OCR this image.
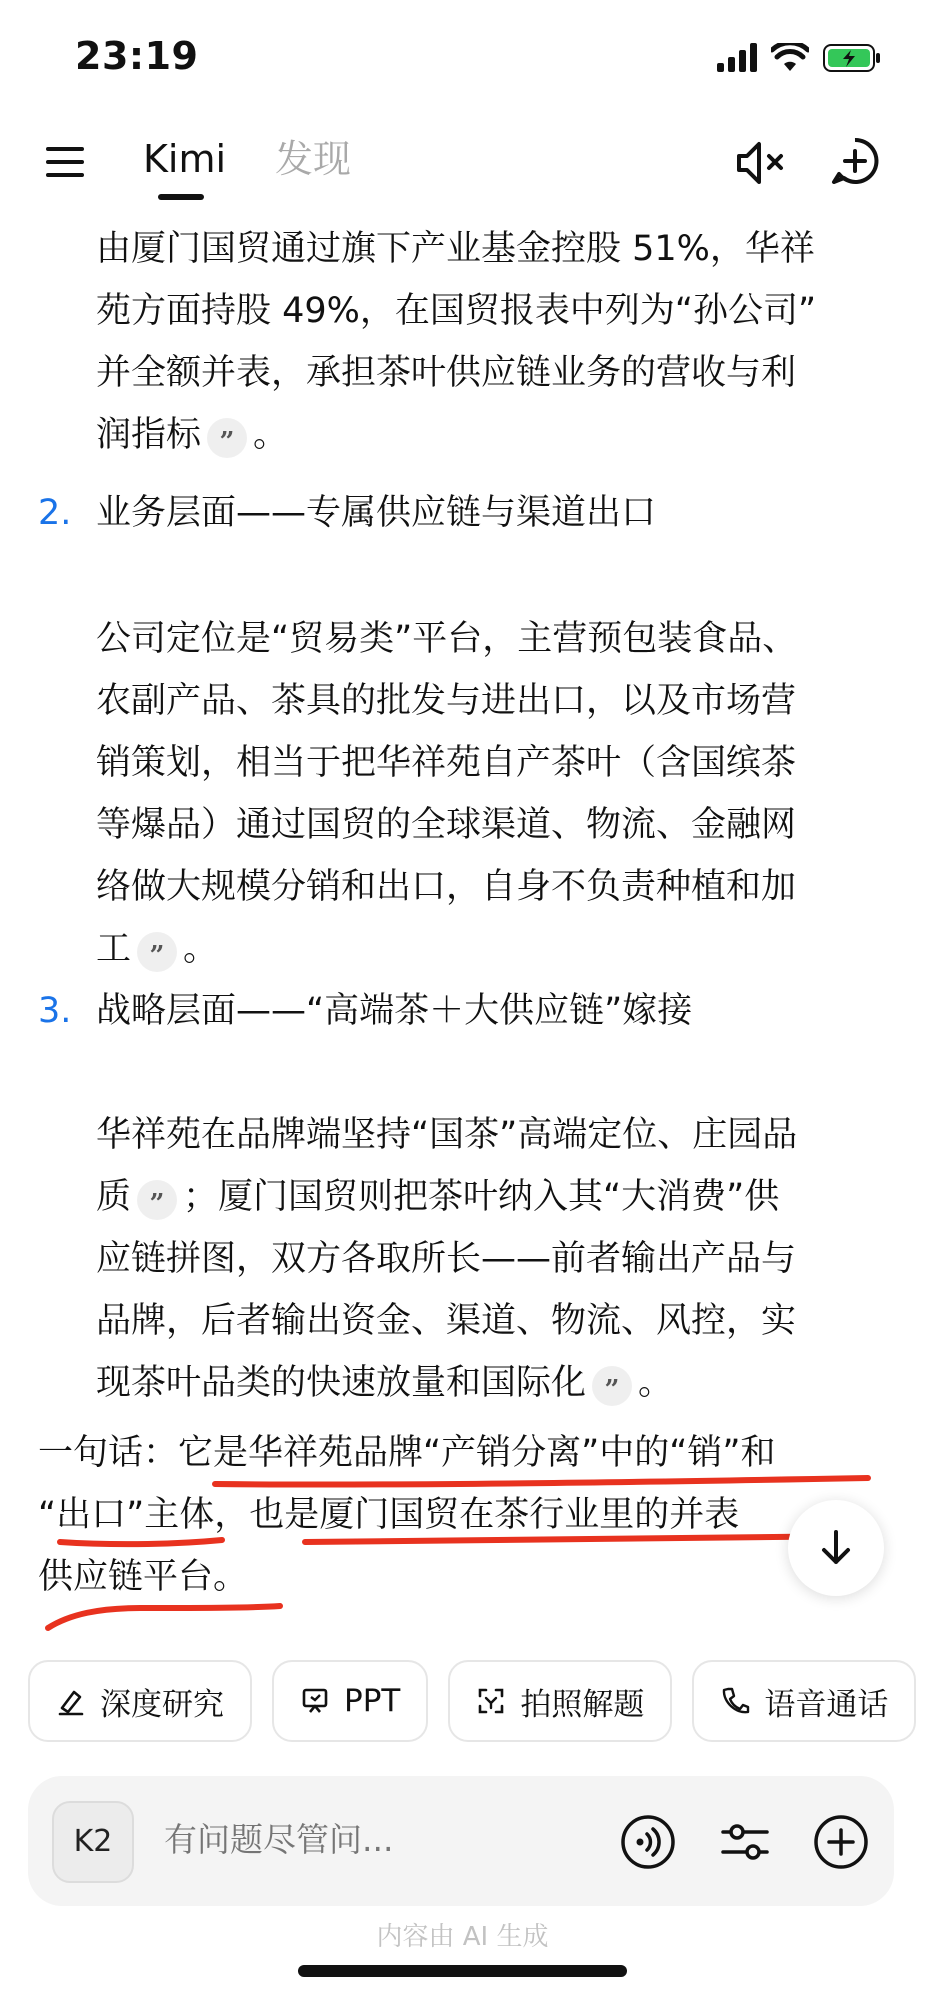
23:19
Kimi 发现
由厦门国贸通过旗下产业基金控股 51%，华祥
苑方面持股 49%，在国贸报表中列为“孙公司”
并全额并表，承担茶叶供应链业务的营收与利
润指标 ” 。
2. 业务层面——专属供应链与渠道出口
公司定位是“贸易类”平台，主营预包装食品、
农副产品、茶具的批发与进出口，以及市场营
销策划，相当于把华祥苑自产茶叶（含国缤茶
等爆品）通过国贸的全球渠道、物流、金融网
络做大规模分销和出口，自身不负责种植和加
工 ” 。
3. 战略层面——“高端茶＋大供应链”嫁接
华祥苑在品牌端坚持“国茶”高端定位、庄园品
质 ” ；厦门国贸则把茶叶纳入其“大消费”供
应链拼图，双方各取所长——前者输出产品与
品牌，后者输出资金、渠道、物流、风控，实
现茶叶品类的快速放量和国际化 ” 。
一句话：它是华祥苑品牌“产销分离”中的“销”和
“出口”主体，也是厦门国贸在茶行业里的并表
供应链平台。
深度研究	PPT	拍照解题	语音通话
K2
有问题尽管问...
内容由 AI 生成
